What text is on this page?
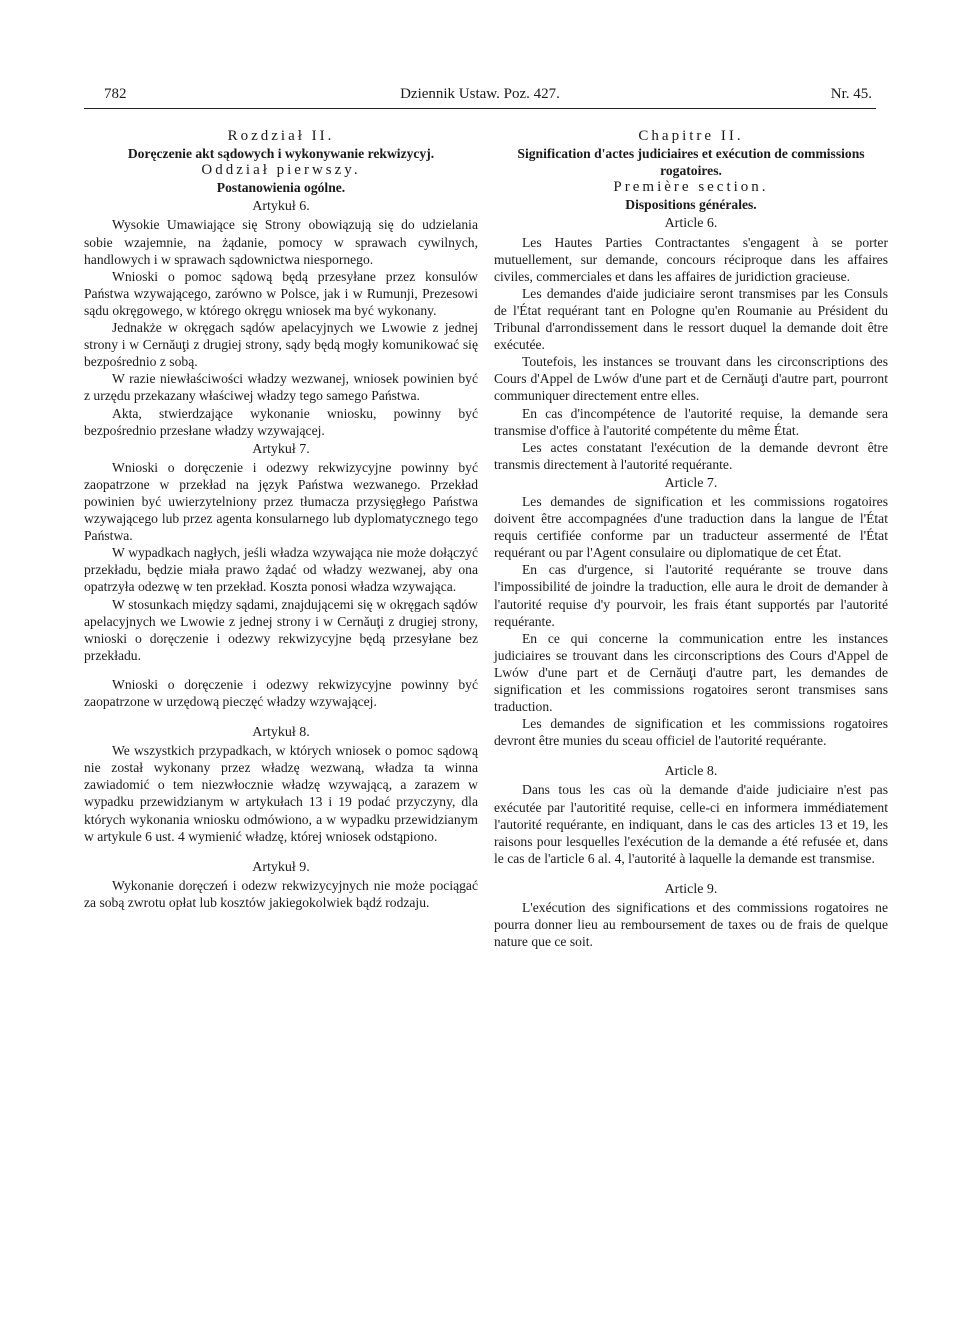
782	Dziennik Ustaw. Poz. 427.	Nr. 45.

Rozdział II.

Doręczenie akt sądowych i wykonywanie rekwizycyj.

Oddział pierwszy.

Postanowienia ogólne.

Artykuł 6.

Wysokie Umawiające się Strony obowiązują się do udzielania sobie wzajemnie, na żądanie, pomocy w sprawach cywilnych, handlowych i w sprawach sądownictwa niespornego.

Wnioski o pomoc sądową będą przesyłane przez konsulów Państwa wzywającego, zarówno w Polsce, jak i w Rumunji, Prezesowi sądu okręgowego, w którego okręgu wniosek ma być wykonany.

Jednakże w okręgach sądów apelacyjnych we Lwowie z jednej strony i w Cernăuţi z drugiej strony, sądy będą mogły komunikować się bezpośrednio z sobą.

W razie niewłaściwości władzy wezwanej, wniosek powinien być z urzędu przekazany właściwej władzy tego samego Państwa.

Akta, stwierdzające wykonanie wniosku, powinny być bezpośrednio przesłane władzy wzywającej.

Artykuł 7.

Wnioski o doręczenie i odezwy rekwizycyjne powinny być zaopatrzone w przekład na język Państwa wezwanego. Przekład powinien być uwierzytelniony przez tłumacza przysięgłego Państwa wzywającego lub przez agenta konsularnego lub dyplomatycznego tego Państwa.

W wypadkach nagłych, jeśli władza wzywająca nie może dołączyć przekładu, będzie miała prawo żądać od władzy wezwanej, aby ona opatrzyła odezwę w ten przekład. Koszta ponosi władza wzywająca.

W stosunkach między sądami, znajdującemi się w okręgach sądów apelacyjnych we Lwowie z jednej strony i w Cernăuţi z drugiej strony, wnioski o doręczenie i odezwy rekwizycyjne będą przesyłane bez przekładu.

Wnioski o doręczenie i odezwy rekwizycyjne powinny być zaopatrzone w urzędową pieczęć władzy wzywającej.

Artykuł 8.

We wszystkich przypadkach, w których wniosek o pomoc sądową nie został wykonany przez władzę wezwaną, władza ta winna zawiadomić o tem niezwłocznie władzę wzywającą, a zarazem w wypadku przewidzianym w artykułach 13 i 19 podać przyczyny, dla których wykonania wniosku odmówiono, a w wypadku przewidzianym w artykule 6 ust. 4 wymienić władzę, której wniosek odstąpiono.

Artykuł 9.

Wykonanie doręczeń i odezw rekwizycyjnych nie może pociągać za sobą zwrotu opłat lub kosztów jakiegokolwiek bądź rodzaju.

Chapitre II.

Signification d'actes judiciaires et exécution de commissions rogatoires.

Première section.

Dispositions générales.

Article 6.

Les Hautes Parties Contractantes s'engagent à se porter mutuellement, sur demande, concours réciproque dans les affaires civiles, commerciales et dans les affaires de juridiction gracieuse.

Les demandes d'aide judiciaire seront transmises par les Consuls de l'État requérant tant en Pologne qu'en Roumanie au Président du Tribunal d'arrondissement dans le ressort duquel la demande doit être exécutée.

Toutefois, les instances se trouvant dans les circonscriptions des Cours d'Appel de Lwów d'une part et de Cernăuţi d'autre part, pourront communiquer directement entre elles.

En cas d'incompétence de l'autorité requise, la demande sera transmise d'office à l'autorité compétente du même État.

Les actes constatant l'exécution de la demande devront être transmis directement à l'autorité requérante.

Article 7.

Les demandes de signification et les commissions rogatoires doivent être accompagnées d'une traduction dans la langue de l'État requis certifiée conforme par un traducteur assermenté de l'État requérant ou par l'Agent consulaire ou diplomatique de cet État.

En cas d'urgence, si l'autorité requérante se trouve dans l'impossibilité de joindre la traduction, elle aura le droit de demander à l'autorité requise d'y pourvoir, les frais étant supportés par l'autorité requérante.

En ce qui concerne la communication entre les instances judiciaires se trouvant dans les circonscriptions des Cours d'Appel de Lwów d'une part et de Cernăuţi d'autre part, les demandes de signification et les commissions rogatoires seront transmises sans traduction.

Les demandes de signification et les commissions rogatoires devront être munies du sceau officiel de l'autorité requérante.

Article 8.

Dans tous les cas où la demande d'aide judiciaire n'est pas exécutée par l'autoritité requise, celle-ci en informera immédiatement l'autorité requérante, en indiquant, dans le cas des articles 13 et 19, les raisons pour lesquelles l'exécution de la demande a été refusée et, dans le cas de l'article 6 al. 4, l'autorité à laquelle la demande est transmise.

Article 9.

L'exécution des significations et des commissions rogatoires ne pourra donner lieu au remboursement de taxes ou de frais de quelque nature que ce soit.
